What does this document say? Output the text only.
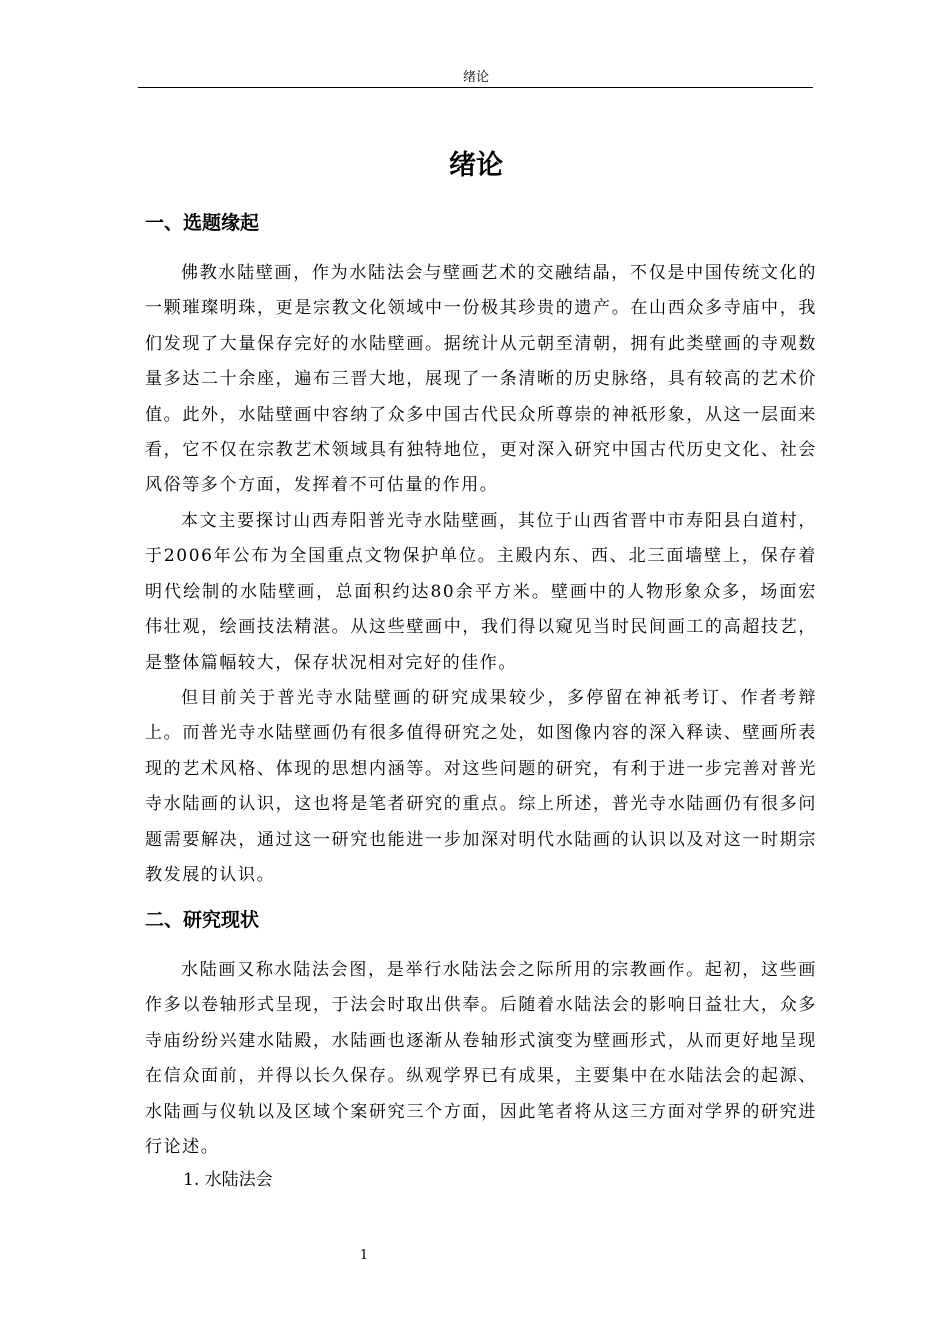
绪论
绪论
一、选题缘起

佛教水陆壁画，作为水陆法会与壁画艺术的交融结晶，不仅是中国传统文化的一颗璀璨明珠，更是宗教文化领域中一份极其珍贵的遗产。在山西众多寺庙中，我们发现了大量保存完好的水陆壁画。据统计从元朝至清朝，拥有此类壁画的寺观数量多达二十余座，遍布三晋大地，展现了一条清晰的历史脉络，具有较高的艺术价值。此外，水陆壁画中容纳了众多中国古代民众所尊崇的神祇形象，从这一层面来看，它不仅在宗教艺术领域具有独特地位，更对深入研究中国古代历史文化、社会风俗等多个方面，发挥着不可估量的作用。

本文主要探讨山西寿阳普光寺水陆壁画，其位于山西省晋中市寿阳县白道村，于2006年公布为全国重点文物保护单位。主殿内东、西、北三面墙壁上，保存着明代绘制的水陆壁画，总面积约达80余平方米。壁画中的人物形象众多，场面宏伟壮观，绘画技法精湛。从这些壁画中，我们得以窥见当时民间画工的高超技艺，是整体篇幅较大，保存状况相对完好的佳作。

但目前关于普光寺水陆壁画的研究成果较少，多停留在神祇考订、作者考辩上。而普光寺水陆壁画仍有很多值得研究之处，如图像内容的深入释读、壁画所表现的艺术风格、体现的思想内涵等。对这些问题的研究，有利于进一步完善对普光寺水陆画的认识，这也将是笔者研究的重点。综上所述，普光寺水陆画仍有很多问题需要解决，通过这一研究也能进一步加深对明代水陆画的认识以及对这一时期宗教发展的认识。

二、研究现状

水陆画又称水陆法会图，是举行水陆法会之际所用的宗教画作。起初，这些画作多以卷轴形式呈现，于法会时取出供奉。后随着水陆法会的影响日益壮大，众多寺庙纷纷兴建水陆殿，水陆画也逐渐从卷轴形式演变为壁画形式，从而更好地呈现在信众面前，并得以长久保存。纵观学界已有成果，主要集中在水陆法会的起源、水陆画与仪轨以及区域个案研究三个方面，因此笔者将从这三方面对学界的研究进行论述。

1. 水陆法会

1
